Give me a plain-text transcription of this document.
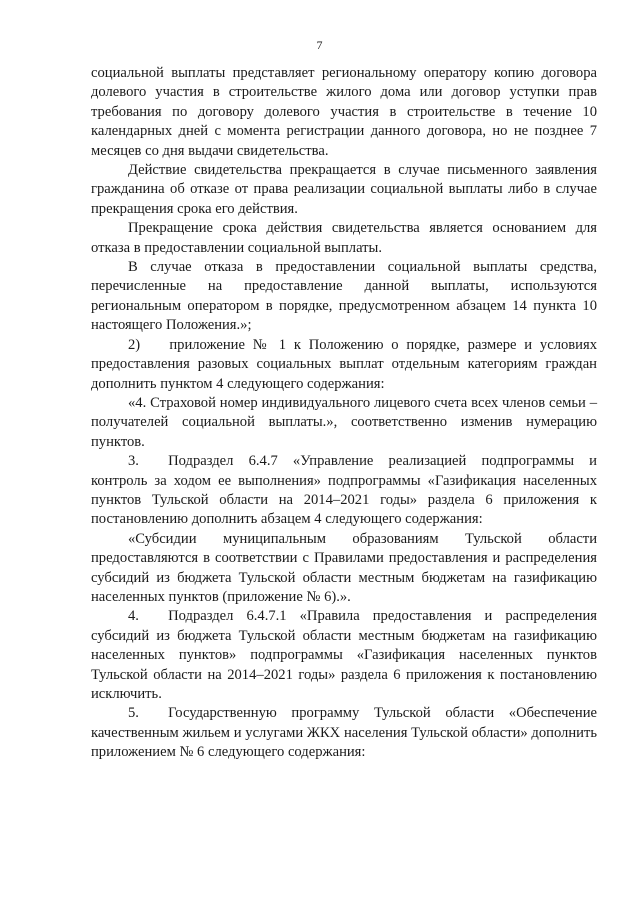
7

социальной выплаты представляет региональному оператору копию договора долевого участия в строительстве жилого дома или договор уступки прав требования по договору долевого участия в строительстве в течение 10 календарных дней с момента регистрации данного договора, но не позднее 7 месяцев со дня выдачи свидетельства.

Действие свидетельства прекращается в случае письменного заявления гражданина об отказе от права реализации социальной выплаты либо в случае прекращения срока его действия.

Прекращение срока действия свидетельства является основанием для отказа в предоставлении социальной выплаты.

В случае отказа в предоставлении социальной выплаты средства, перечисленные на предоставление данной выплаты, используются региональным оператором в порядке, предусмотренном абзацем 14 пункта 10 настоящего Положения.»;

2)  приложение № 1 к Положению о порядке, размере и условиях предоставления разовых социальных выплат отдельным категориям граждан дополнить пунктом 4 следующего содержания:

«4. Страховой номер индивидуального лицевого счета всех членов семьи – получателей социальной выплаты.», соответственно изменив нумерацию пунктов.

3.  Подраздел 6.4.7 «Управление реализацией подпрограммы и контроль за ходом ее выполнения» подпрограммы «Газификация населенных пунктов Тульской области на 2014–2021 годы» раздела 6 приложения к постановлению дополнить абзацем 4 следующего содержания:

«Субсидии муниципальным образованиям Тульской области предоставляются в соответствии с Правилами предоставления и распределения субсидий из бюджета Тульской области местным бюджетам на газификацию населенных пунктов (приложение № 6).».

4.  Подраздел 6.4.7.1 «Правила предоставления и распределения субсидий из бюджета Тульской области местным бюджетам на газификацию населенных пунктов» подпрограммы «Газификация населенных пунктов Тульской области на 2014–2021 годы» раздела 6 приложения к постановлению исключить.

5.  Государственную программу Тульской области «Обеспечение качественным жильем и услугами ЖКХ населения Тульской области» дополнить приложением № 6 следующего содержания:
